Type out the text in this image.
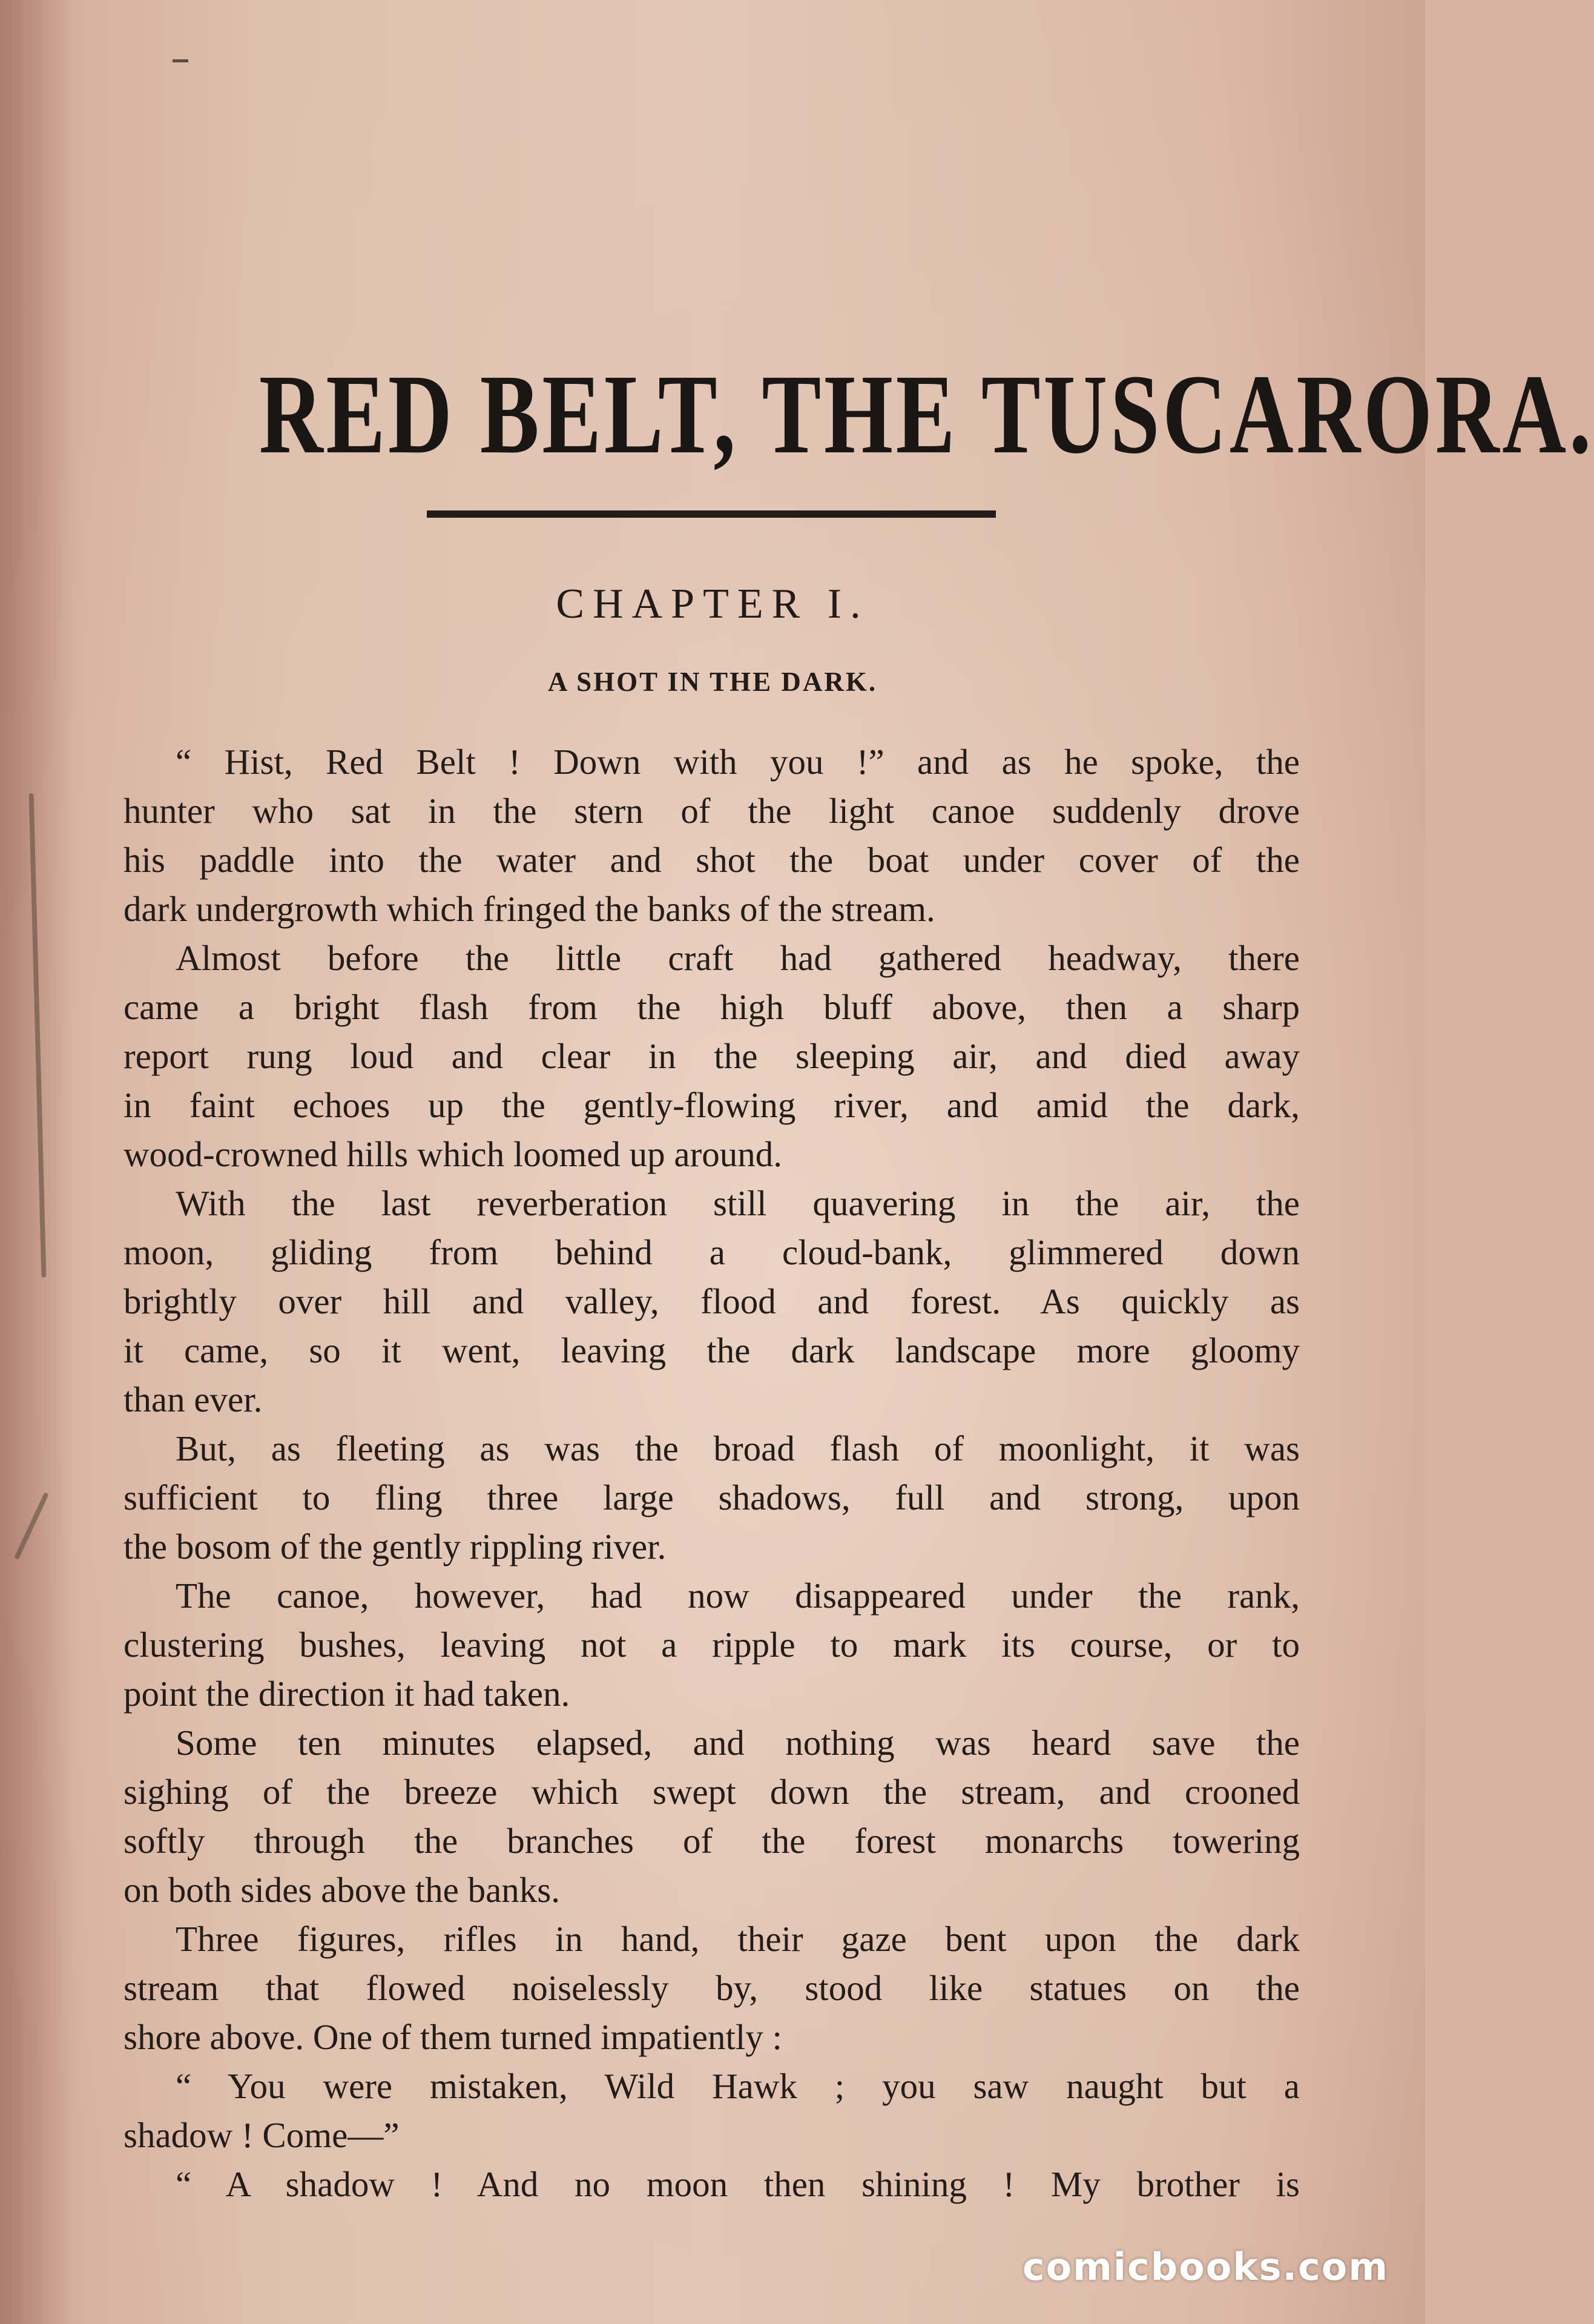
RED BELT, THE TUSCARORA.
CHAPTER I.
A SHOT IN THE DARK.
“ Hist, Red Belt ! Down with you !” and as he spoke, the
hunter who sat in the stern of the light canoe suddenly drove
his paddle into the water and shot the boat under cover of the
dark undergrowth which fringed the banks of the stream.
Almost before the little craft had gathered headway, there
came a bright flash from the high bluff above, then a sharp
report rung loud and clear in the sleeping air, and died away
in faint echoes up the gently-flowing river, and amid the dark,
wood-crowned hills which loomed up around.
With the last reverberation still quavering in the air, the
moon, gliding from behind a cloud-bank, glimmered down
brightly over hill and valley, flood and forest. As quickly as
it came, so it went, leaving the dark landscape more gloomy
than ever.
But, as fleeting as was the broad flash of moonlight, it was
sufficient to fling three large shadows, full and strong, upon
the bosom of the gently rippling river.
The canoe, however, had now disappeared under the rank,
clustering bushes, leaving not a ripple to mark its course, or to
point the direction it had taken.
Some ten minutes elapsed, and nothing was heard save the
sighing of the breeze which swept down the stream, and crooned
softly through the branches of the forest monarchs towering
on both sides above the banks.
Three figures, rifles in hand, their gaze bent upon the dark
stream that flowed noiselessly by, stood like statues on the
shore above. One of them turned impatiently :
“ You were mistaken, Wild Hawk ; you saw naught but a
shadow ! Come—”
“ A shadow ! And no moon then shining ! My brother is
comicbooks.com
